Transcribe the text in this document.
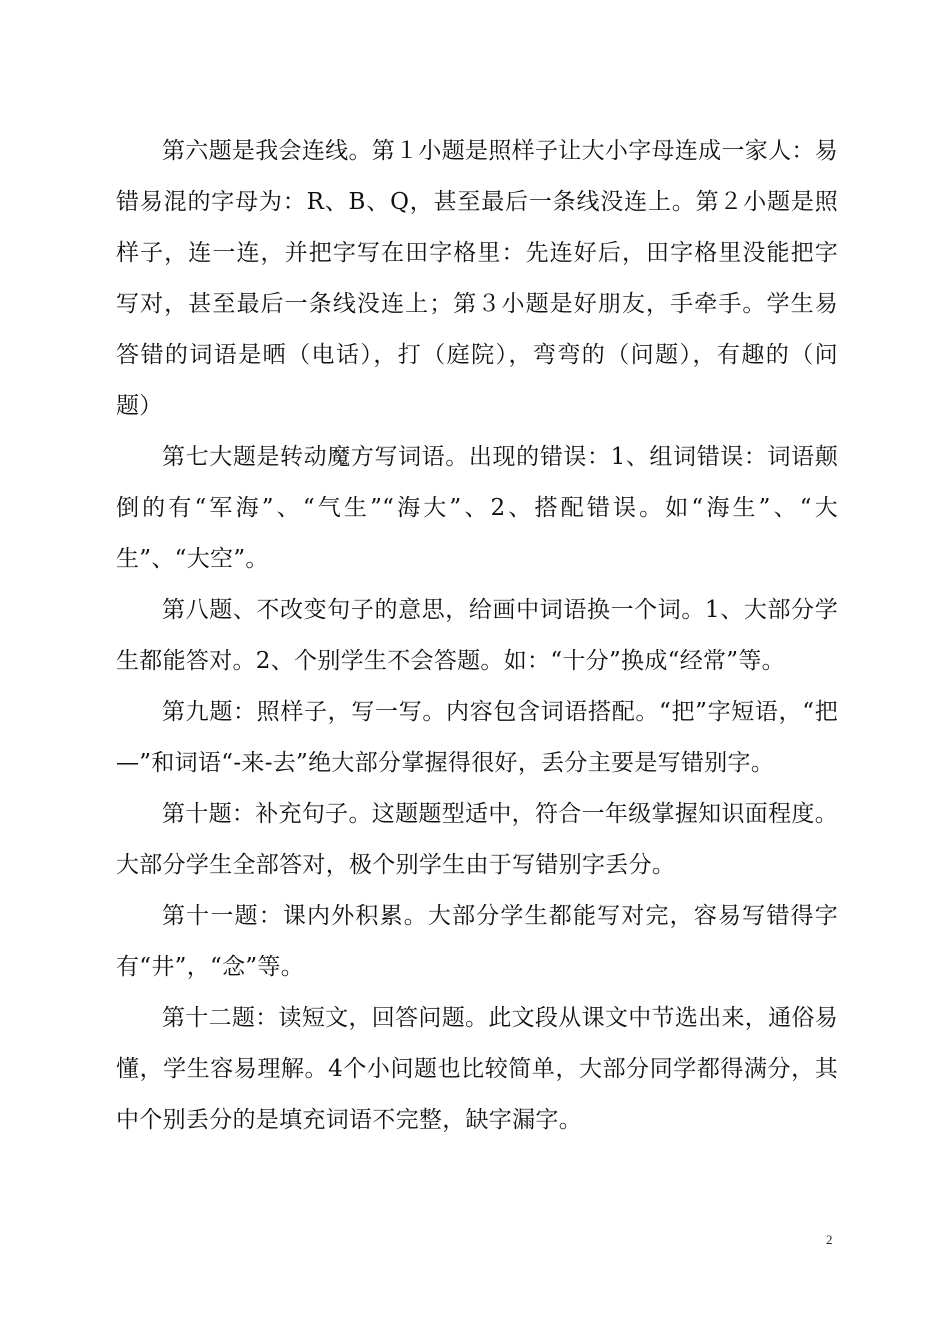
第六题是我会连线。第１小题是照样子让大小字母连成一家人：易错易混的字母为：R、B、Q，甚至最后一条线没连上。第２小题是照样子，连一连，并把字写在田字格里：先连好后，田字格里没能把字写对，甚至最后一条线没连上；第３小题是好朋友，手牵手。学生易答错的词语是晒（电话），打（庭院），弯弯的（问题），有趣的（问题）

第七大题是转动魔方写词语。出现的错误：1、组词错误：词语颠倒的有“军海”、“气生”“海大”、2、搭配错误。如“海生”、“大生”、“大空”。

第八题、不改变句子的意思，给画中词语换一个词。1、大部分学生都能答对。2、个别学生不会答题。如：“十分”换成“经常”等。

第九题：照样子，写一写。内容包含词语搭配。“把”字短语，“把—”和词语“-来-去”绝大部分掌握得很好，丢分主要是写错别字。

第十题：补充句子。这题题型适中，符合一年级掌握知识面程度。大部分学生全部答对，极个别学生由于写错别字丢分。

第十一题：课内外积累。大部分学生都能写对完，容易写错得字有“井”，“念”等。

第十二题：读短文，回答问题。此文段从课文中节选出来，通俗易懂，学生容易理解。4个小问题也比较简单，大部分同学都得满分，其中个别丢分的是填充词语不完整，缺字漏字。

2
